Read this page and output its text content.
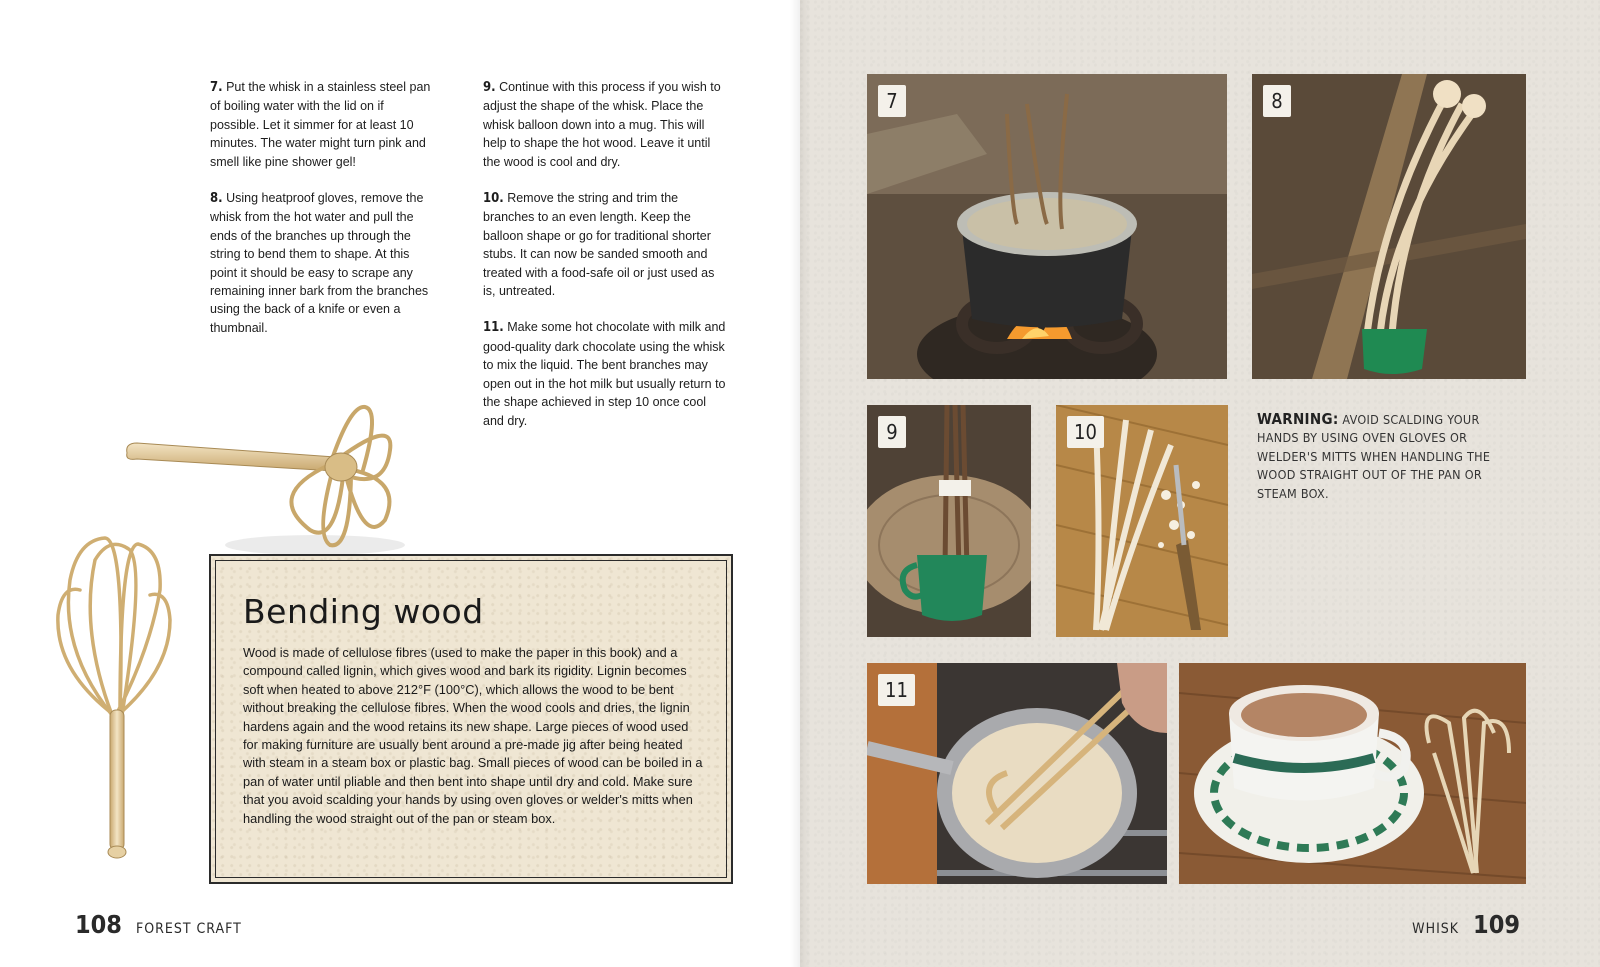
7. Put the whisk in a stainless steel pan of boiling water with the lid on if possible. Let it simmer for at least 10 minutes. The water might turn pink and smell like pine shower gel!

8. Using heatproof gloves, remove the whisk from the hot water and pull the ends of the branches up through the string to bend them to shape. At this point it should be easy to scrape any remaining inner bark from the branches using the back of a knife or even a thumbnail.

9. Continue with this process if you wish to adjust the shape of the whisk. Place the whisk balloon down into a mug. This will help to shape the hot wood. Leave it until the wood is cool and dry.

10. Remove the string and trim the branches to an even length. Keep the balloon shape or go for traditional shorter stubs. It can now be sanded smooth and treated with a food-safe oil or just used as is, untreated.

11. Make some hot chocolate with milk and good-quality dark chocolate using the whisk to mix the liquid. The bent branches may open out in the hot milk but usually return to the shape achieved in step 10 once cool and dry.

Bending wood
Wood is made of cellulose fibres (used to make the paper in this book) and a compound called lignin, which gives wood and bark its rigidity. Lignin becomes soft when heated to above 212°F (100°C), which allows the wood to be bent without breaking the cellulose fibres. When the wood cools and dries, the lignin hardens again and the wood retains its new shape. Large pieces of wood used for making furniture are usually bent around a pre-made jig after being heated with steam in a steam box or plastic bag. Small pieces of wood can be boiled in a pan of water until pliable and then bent into shape until dry and cold. Make sure that you avoid scalding your hands by using oven gloves or welder's mitts when handling the wood straight out of the pan or steam box.
108 FOREST CRAFT
7	8
9	10
11
WARNING: AVOID SCALDING YOUR HANDS BY USING OVEN GLOVES OR WELDER'S MITTS WHEN HANDLING THE WOOD STRAIGHT OUT OF THE PAN OR STEAM BOX.
WHISK 109
